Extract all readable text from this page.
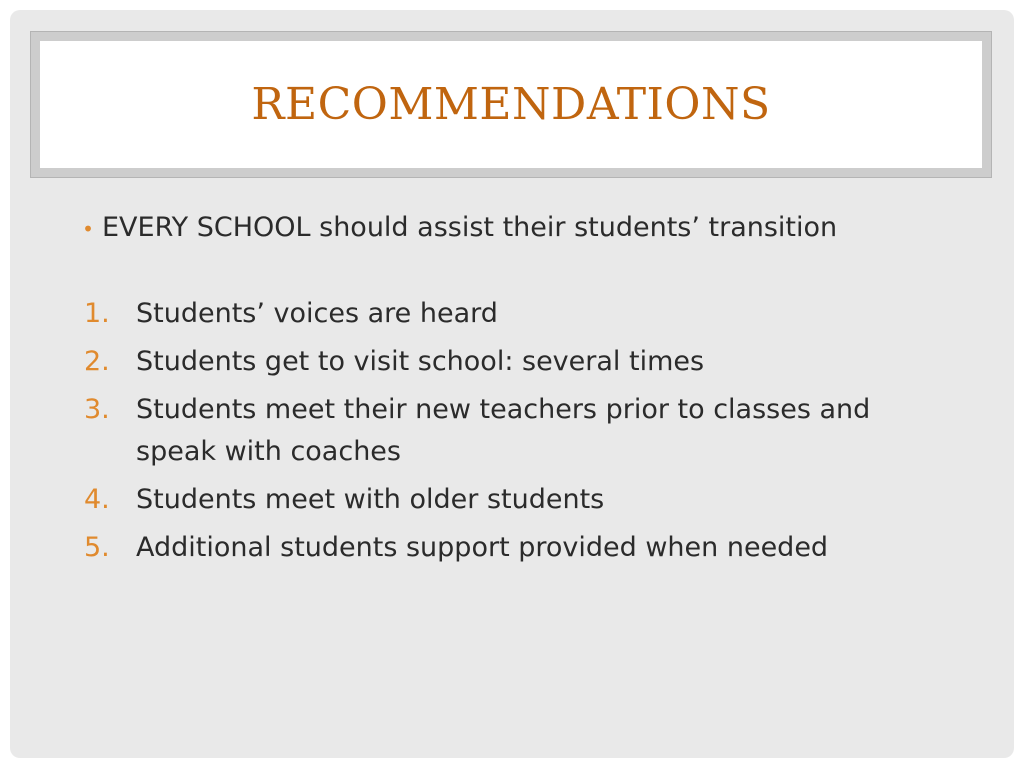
RECOMMENDATIONS
• EVERY SCHOOL should assist their students’ transition
1. Students’ voices are heard
2. Students get to visit school: several times
3. Students meet their new teachers prior to classes and speak with coaches
4. Students meet with older students
5. Additional students support provided when needed
